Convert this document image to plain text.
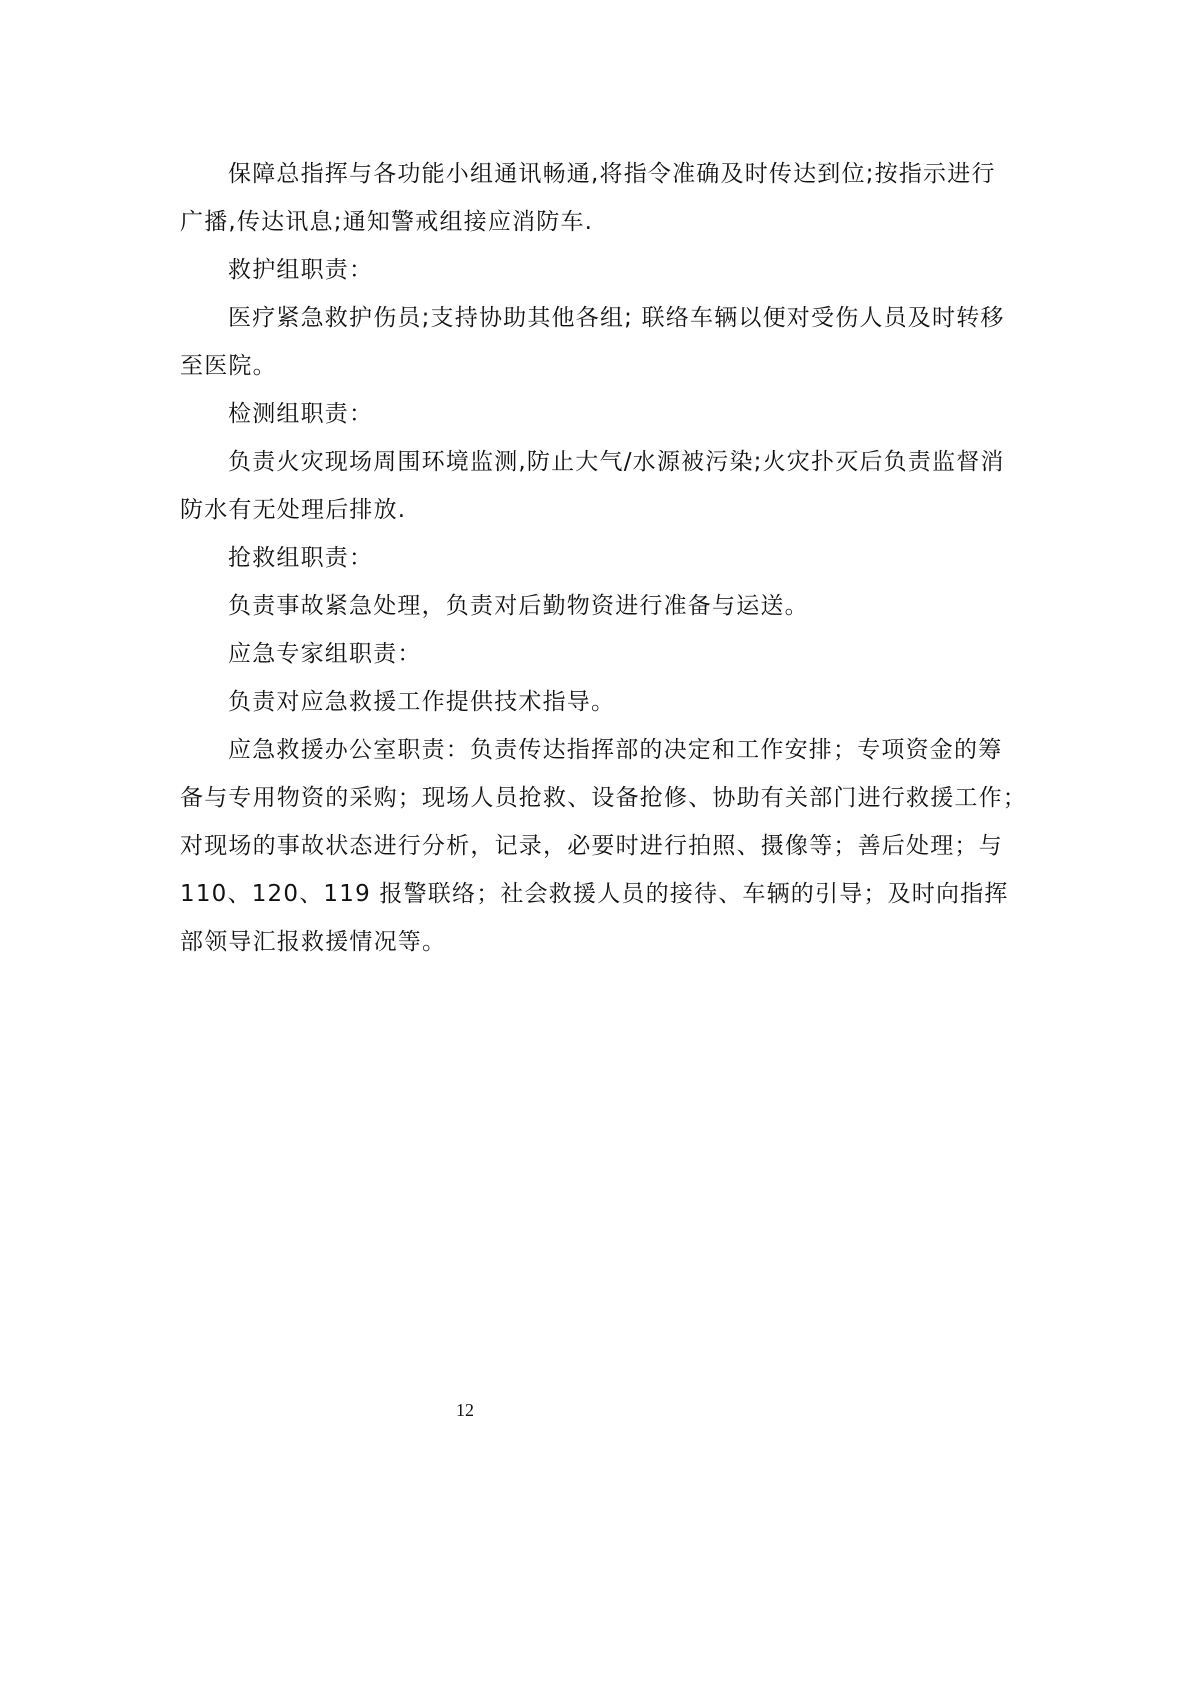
保障总指挥与各功能小组通讯畅通,将指令准确及时传达到位;按指示进行
广播,传达讯息;通知警戒组接应消防车.
救护组职责：
医疗紧急救护伤员;支持协助其他各组; 联络车辆以便对受伤人员及时转移
至医院。
检测组职责：
负责火灾现场周围环境监测,防止大气/水源被污染;火灾扑灭后负责监督消
防水有无处理后排放.
抢救组职责：
负责事故紧急处理，负责对后勤物资进行准备与运送。
应急专家组职责：
负责对应急救援工作提供技术指导。
应急救援办公室职责：负责传达指挥部的决定和工作安排；专项资金的筹
备与专用物资的采购；现场人员抢救、设备抢修、协助有关部门进行救援工作；
对现场的事故状态进行分析，记录，必要时进行拍照、摄像等；善后处理；与
110、120、119 报警联络；社会救援人员的接待、车辆的引导；及时向指挥
部领导汇报救援情况等。
12
